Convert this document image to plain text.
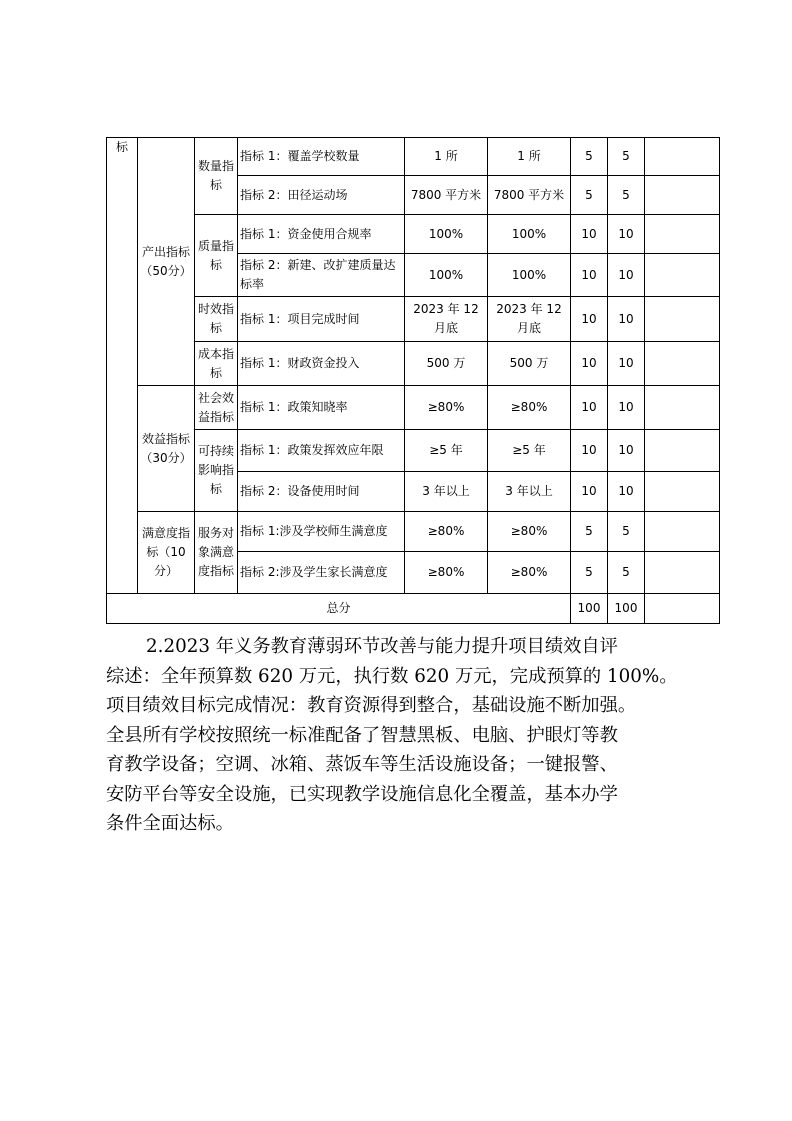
标	产出指标（50分）	数量指标	指标 1：覆盖学校数量	1 所	1 所	5	5	
			指标 2：田径运动场	7800 平方米	7800 平方米	5	5	
		质量指标	指标 1：资金使用合规率	100%	100%	10	10	
			指标 2：新建、改扩建质量达标率	100%	100%	10	10	
		时效指标	指标 1：项目完成时间	2023 年 12 月底	2023 年 12 月底	10	10	
		成本指标	指标 1：财政资金投入	500 万	500 万	10	10	
	效益指标（30分）	社会效益指标	指标 1：政策知晓率	≥80%	≥80%	10	10	
		可持续影响指标	指标 1：政策发挥效应年限	≥5 年	≥5 年	10	10	
			指标 2：设备使用时间	3 年以上	3 年以上	10	10	
	满意度指标（10分）	服务对象满意度指标	指标 1:涉及学校师生满意度	≥80%	≥80%	5	5	
			指标 2:涉及学生家长满意度	≥80%	≥80%	5	5	
总分						100	100	
2.2023 年义务教育薄弱环节改善与能力提升项目绩效自评
综述：全年预算数 620 万元，执行数 620 万元，完成预算的 100%。
项目绩效目标完成情况：教育资源得到整合，基础设施不断加强。
全县所有学校按照统一标准配备了智慧黑板、电脑、护眼灯等教
育教学设备；空调、冰箱、蒸饭车等生活设施设备；一键报警、
安防平台等安全设施，已实现教学设施信息化全覆盖，基本办学
条件全面达标。
